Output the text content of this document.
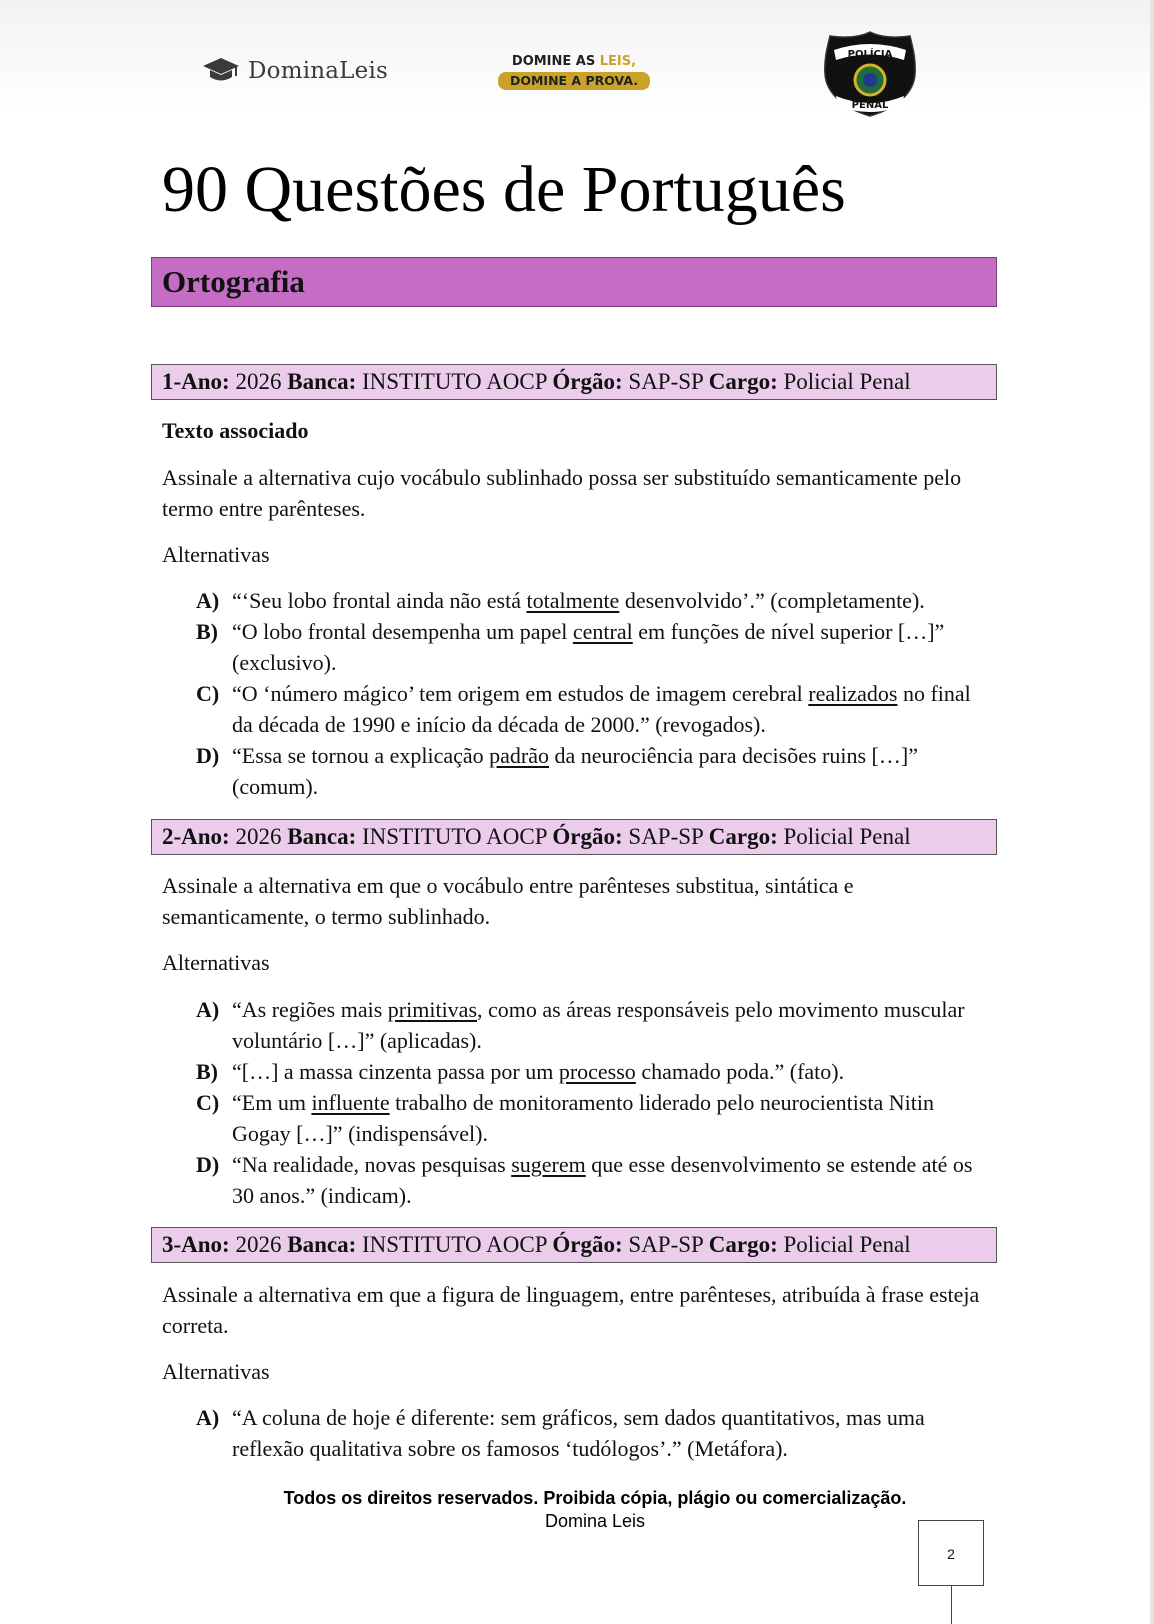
DominaLeis	DOMINE AS LEIS,
DOMINE A PROVA.
POLÍCIA
PENAL
90 Questões de Português
Ortografia
1-Ano: 2026 Banca: INSTITUTO AOCP Órgão: SAP-SP Cargo: Policial Penal
Texto associado
Assinale a alternativa cujo vocábulo sublinhado possa ser substituído semanticamente pelo termo entre parênteses.
Alternativas
A) “‘Seu lobo frontal ainda não está totalmente desenvolvido’.” (completamente).
B) “O lobo frontal desempenha um papel central em funções de nível superior […]” (exclusivo).
C) “O ‘número mágico’ tem origem em estudos de imagem cerebral realizados no final da década de 1990 e início da década de 2000.” (revogados).
D) “Essa se tornou a explicação padrão da neurociência para decisões ruins […]” (comum).
2-Ano: 2026 Banca: INSTITUTO AOCP Órgão: SAP-SP Cargo: Policial Penal
Assinale a alternativa em que o vocábulo entre parênteses substitua, sintática e semanticamente, o termo sublinhado.
Alternativas
A) “As regiões mais primitivas, como as áreas responsáveis pelo movimento muscular voluntário […]” (aplicadas).
B) “[…] a massa cinzenta passa por um processo chamado poda.” (fato).
C) “Em um influente trabalho de monitoramento liderado pelo neurocientista Nitin Gogay […]” (indispensável).
D) “Na realidade, novas pesquisas sugerem que esse desenvolvimento se estende até os 30 anos.” (indicam).
3-Ano: 2026 Banca: INSTITUTO AOCP Órgão: SAP-SP Cargo: Policial Penal
Assinale a alternativa em que a figura de linguagem, entre parênteses, atribuída à frase esteja correta.
Alternativas
A) “A coluna de hoje é diferente: sem gráficos, sem dados quantitativos, mas uma reflexão qualitativa sobre os famosos ‘tudólogos’.” (Metáfora).
Todos os direitos reservados. Proibida cópia, plágio ou comercialização.
Domina Leis
2
